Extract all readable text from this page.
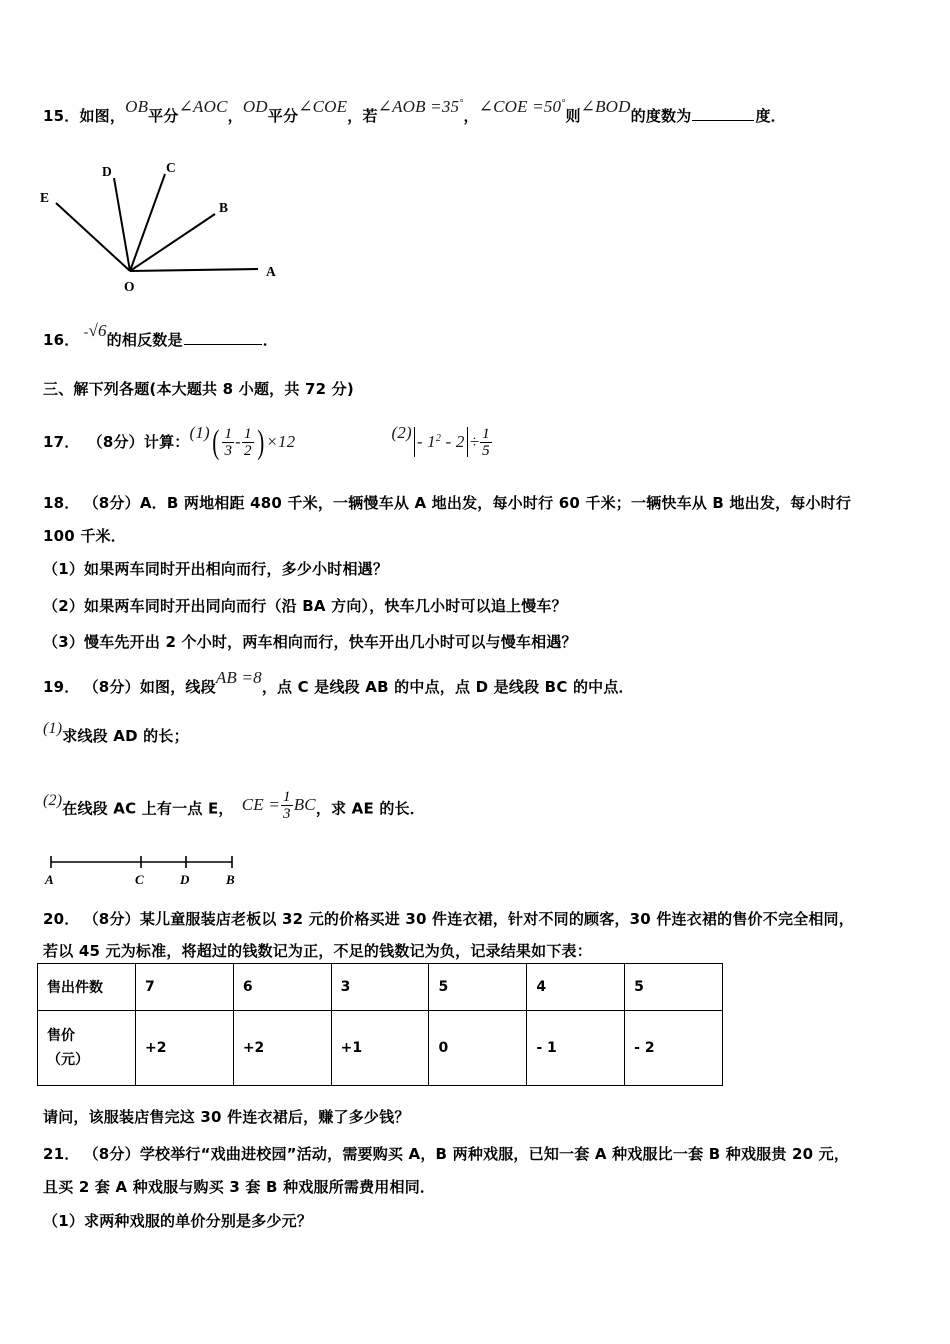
15．如图，OB平分∠AOC，OD平分∠COE，若∠AOB =35°，∠COE =50°则∠BOD的度数为	度．
A
B
C
D
E
O
16． -√6的相反数是	．
三、解下列各题(本大题共 8 小题，共 72 分)
17． （8分）计算：$(1)( \frac{1}{3} - \frac{1}{2}$ ) ×12	$(2) - 1^2 - 2 \div \frac{1}{5}$
18． （8分）A．B 两地相距 480 千米，一辆慢车从 A 地出发，每小时行 60 千米；一辆快车从 B 地出发，每小时行
100 千米．
（1）如果两车同时开出相向而行，多少小时相遇？
（2）如果两车同时开出同向而行（沿 BA 方向），快车几小时可以追上慢车？
（3）慢车先开出 2 个小时，两车相向而行，快车开出几小时可以与慢车相遇？
19． （8分）如图，线段AB =8，点 C 是线段 AB 的中点，点 D 是线段 BC 的中点．
(1)求线段 AD 的长；
(2)在线段 AC 上有一点 E， CE = $\frac{1}{3}$ BC，求 AE 的长．
A	C	D	B
20． （8分）某儿童服装店老板以 32 元的价格买进 30 件连衣裙，针对不同的顾客，30 件连衣裙的售价不完全相同，
若以 45 元为标准，将超过的钱数记为正，不足的钱数记为负，记录结果如下表：
售出件数	7	6	3	5	4	5

售价
（元）	+2	+2	+1	0	- 1	- 2
请问，该服装店售完这 30 件连衣裙后，赚了多少钱？
21． （8分）学校举行“戏曲进校园”活动，需要购买 A，B 两种戏服，已知一套 A 种戏服比一套 B 种戏服贵 20 元，
且买 2 套 A 种戏服与购买 3 套 B 种戏服所需费用相同．
（1）求两种戏服的单价分别是多少元？
